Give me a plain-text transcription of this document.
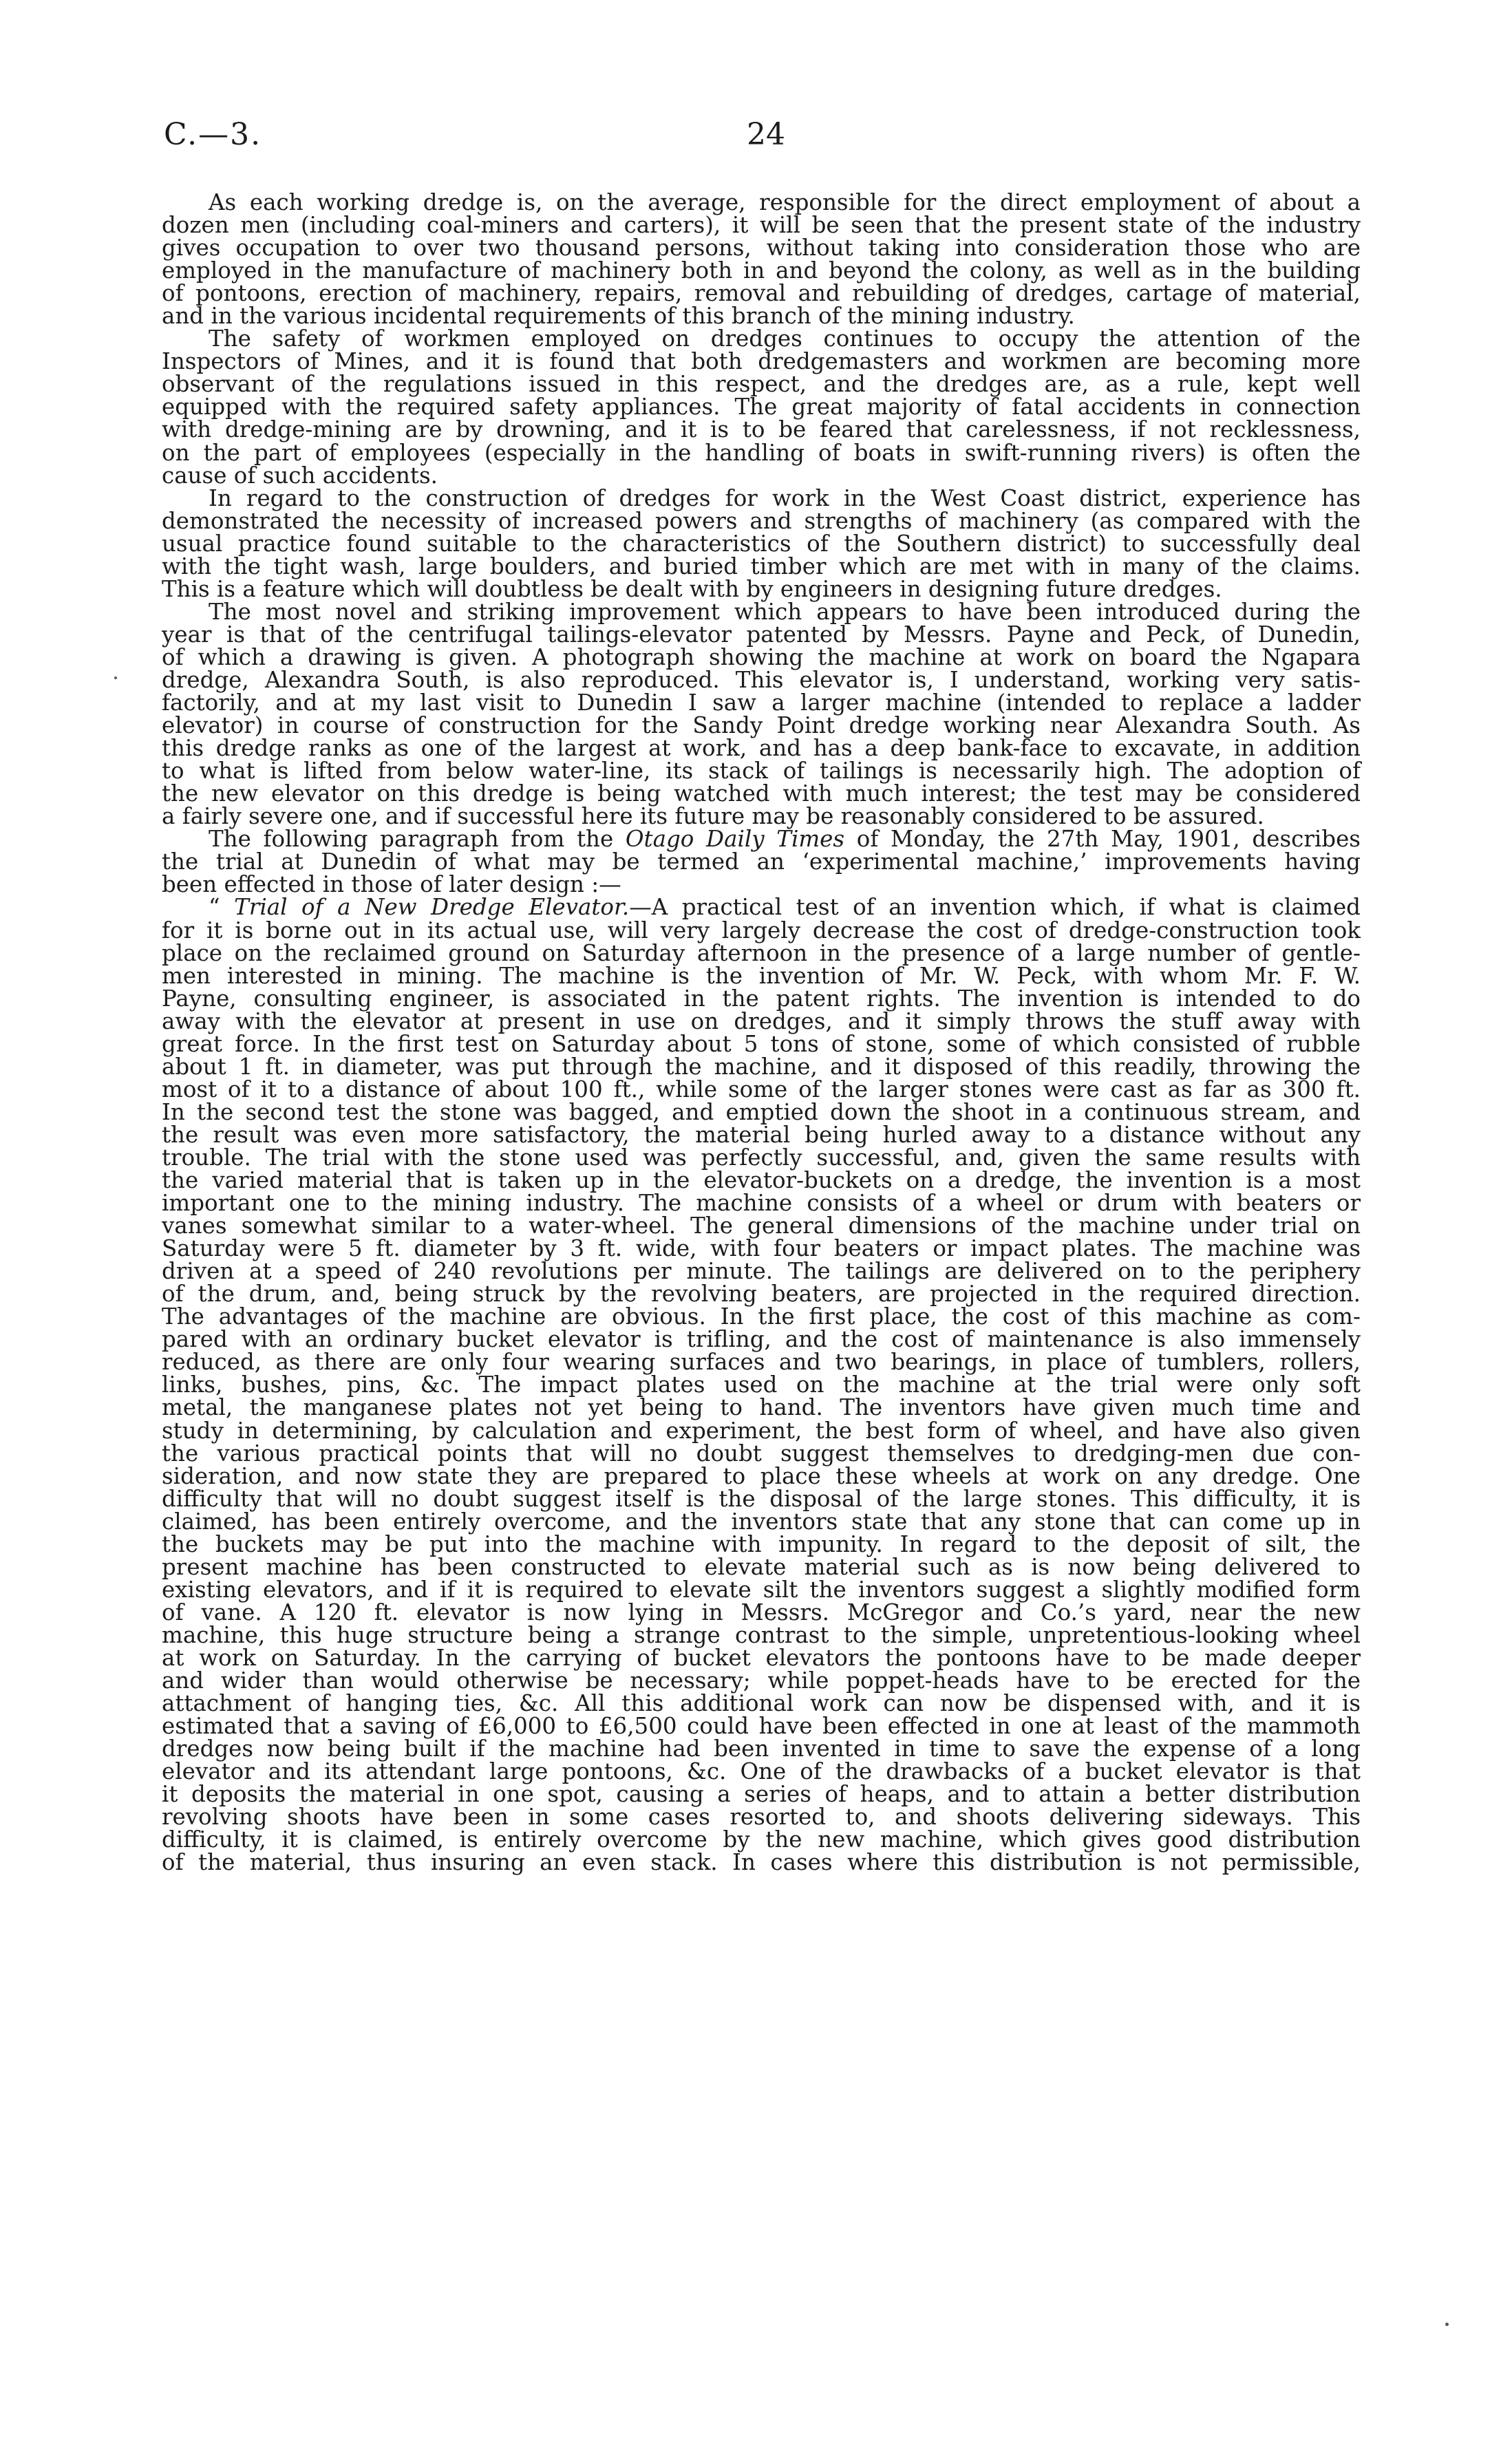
C.—3.	24
As each working dredge is, on the average, responsible for the direct employment of about a
dozen men (including coal-miners and carters), it will be seen that the present state of the industry
gives occupation to over two thousand persons, without taking into consideration those who are
employed in the manufacture of machinery both in and beyond the colony, as well as in the building
of pontoons, erection of machinery, repairs, removal and rebuilding of dredges, cartage of material,
and in the various incidental requirements of this branch of the mining industry.
The safety of workmen employed on dredges continues to occupy the attention of the
Inspectors of Mines, and it is found that both dredgemasters and workmen are becoming more
observant of the regulations issued in this respect, and the dredges are, as a rule, kept well
equipped with the required safety appliances. The great majority of fatal accidents in connection
with dredge-mining are by drowning, and it is to be feared that carelessness, if not recklessness,
on the part of employees (especially in the handling of boats in swift-running rivers) is often the
cause of such accidents.
In regard to the construction of dredges for work in the West Coast district, experience has
demonstrated the necessity of increased powers and strengths of machinery (as compared with the
usual practice found suitable to the characteristics of the Southern district) to successfully deal
with the tight wash, large boulders, and buried timber which are met with in many of the claims.
This is a feature which will doubtless be dealt with by engineers in designing future dredges.
The most novel and striking improvement which appears to have been introduced during the
year is that of the centrifugal tailings-elevator patented by Messrs. Payne and Peck, of Dunedin,
of which a drawing is given. A photograph showing the machine at work on board the Ngapara
dredge, Alexandra South, is also reproduced. This elevator is, I understand, working very satis-
factorily, and at my last visit to Dunedin I saw a larger machine (intended to replace a ladder
elevator) in course of construction for the Sandy Point dredge working near Alexandra South. As
this dredge ranks as one of the largest at work, and has a deep bank-face to excavate, in addition
to what is lifted from below water-line, its stack of tailings is necessarily high. The adoption of
the new elevator on this dredge is being watched with much interest; the test may be considered
a fairly severe one, and if successful here its future may be reasonably considered to be assured.
The following paragraph from the Otago Daily Times of Monday, the 27th May, 1901, describes
the trial at Dunedin of what may be termed an ‘experimental machine,’ improvements having
been effected in those of later design :—
“ Trial of a New Dredge Elevator.—A practical test of an invention which, if what is claimed
for it is borne out in its actual use, will very largely decrease the cost of dredge-construction took
place on the reclaimed ground on Saturday afternoon in the presence of a large number of gentle-
men interested in mining. The machine is the invention of Mr. W. Peck, with whom Mr. F. W.
Payne, consulting engineer, is associated in the patent rights. The invention is intended to do
away with the elevator at present in use on dredges, and it simply throws the stuff away with
great force. In the first test on Saturday about 5 tons of stone, some of which consisted of rubble
about 1 ft. in diameter, was put through the machine, and it disposed of this readily, throwing the
most of it to a distance of about 100 ft., while some of the larger stones were cast as far as 300 ft.
In the second test the stone was bagged, and emptied down the shoot in a continuous stream, and
the result was even more satisfactory, the material being hurled away to a distance without any
trouble. The trial with the stone used was perfectly successful, and, given the same results with
the varied material that is taken up in the elevator-buckets on a dredge, the invention is a most
important one to the mining industry. The machine consists of a wheel or drum with beaters or
vanes somewhat similar to a water-wheel. The general dimensions of the machine under trial on
Saturday were 5 ft. diameter by 3 ft. wide, with four beaters or impact plates. The machine was
driven at a speed of 240 revolutions per minute. The tailings are delivered on to the periphery
of the drum, and, being struck by the revolving beaters, are projected in the required direction.
The advantages of the machine are obvious. In the first place, the cost of this machine as com-
pared with an ordinary bucket elevator is trifling, and the cost of maintenance is also immensely
reduced, as there are only four wearing surfaces and two bearings, in place of tumblers, rollers,
links, bushes, pins, &c. The impact plates used on the machine at the trial were only soft
metal, the manganese plates not yet being to hand. The inventors have given much time and
study in determining, by calculation and experiment, the best form of wheel, and have also given
the various practical points that will no doubt suggest themselves to dredging-men due con-
sideration, and now state they are prepared to place these wheels at work on any dredge. One
difficulty that will no doubt suggest itself is the disposal of the large stones. This difficulty, it is
claimed, has been entirely overcome, and the inventors state that any stone that can come up in
the buckets may be put into the machine with impunity. In regard to the deposit of silt, the
present machine has been constructed to elevate material such as is now being delivered to
existing elevators, and if it is required to elevate silt the inventors suggest a slightly modified form
of vane. A 120 ft. elevator is now lying in Messrs. McGregor and Co.’s yard, near the new
machine, this huge structure being a strange contrast to the simple, unpretentious-looking wheel
at work on Saturday. In the carrying of bucket elevators the pontoons have to be made deeper
and wider than would otherwise be necessary; while poppet-heads have to be erected for the
attachment of hanging ties, &c. All this additional work can now be dispensed with, and it is
estimated that a saving of £6,000 to £6,500 could have been effected in one at least of the mammoth
dredges now being built if the machine had been invented in time to save the expense of a long
elevator and its attendant large pontoons, &c. One of the drawbacks of a bucket elevator is that
it deposits the material in one spot, causing a series of heaps, and to attain a better distribution
revolving shoots have been in some cases resorted to, and shoots delivering sideways. This
difficulty, it is claimed, is entirely overcome by the new machine, which gives good distribution
of the material, thus insuring an even stack. In cases where this distribution is not permissible,
